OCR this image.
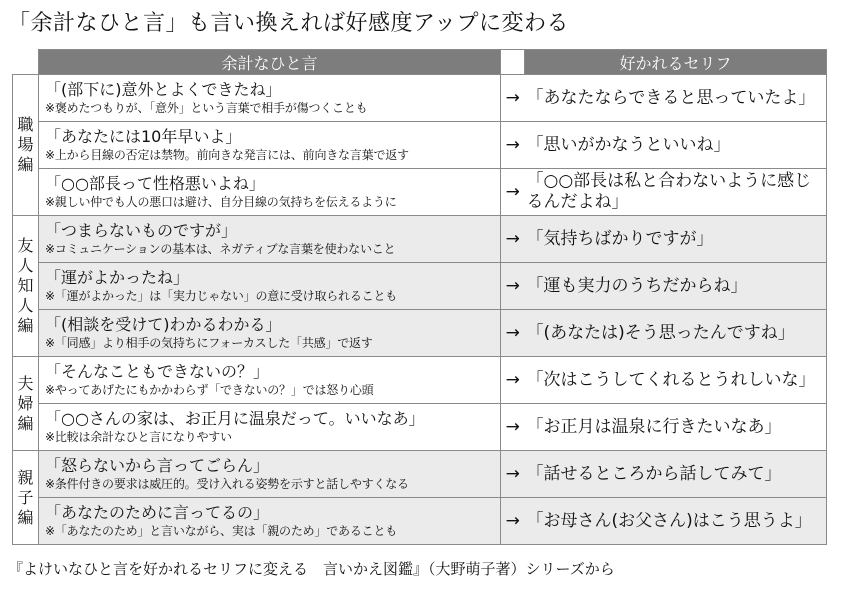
「余計なひと言」も言い換えれば好感度アップに変わる
	余計なひと言		好かれるセリフ
職場編	「(部下に)意外とよくできたね」
※褒めたつもりが、「意外」という言葉で相手が傷つくことも	→	「あなたならできると思っていたよ」

	「あなたには10年早いよ」
※上から目線の否定は禁物。前向きな発言には、前向きな言葉で返す	→	「思いがかなうといいね」

	「○○部長って性格悪いよね」
※親しい仲でも人の悪口は避け、自分目線の気持ちを伝えるように	→	「○○部長は私と合わないように感じるんだよね」

友人知人編	「つまらないものですが」
※コミュニケーションの基本は、ネガティブな言葉を使わないこと	→	「気持ちばかりですが」

	「運がよかったね」
※「運がよかった」は「実力じゃない」の意に受け取られることも	→	「運も実力のうちだからね」

	「(相談を受けて)わかるわかる」
※「同感」より相手の気持ちにフォーカスした「共感」で返す	→	「(あなたは)そう思ったんですね」

夫婦編	「そんなこともできないの？」
※やってあげたにもかかわらず「できないの？」では怒り心頭	→	「次はこうしてくれるとうれしいな」

	「○○さんの家は、お正月に温泉だって。いいなあ」
※比較は余計なひと言になりやすい	→	「お正月は温泉に行きたいなあ」

親子編	「怒らないから言ってごらん」
※条件付きの要求は威圧的。受け入れる姿勢を示すと話しやすくなる	→	「話せるところから話してみて」

	「あなたのために言ってるの」
※「あなたのため」と言いながら、実は「親のため」であることも	→	「お母さん(お父さん)はこう思うよ」
『よけいなひと言を好かれるセリフに変える　言いかえ図鑑』（大野萌子著）シリーズから
